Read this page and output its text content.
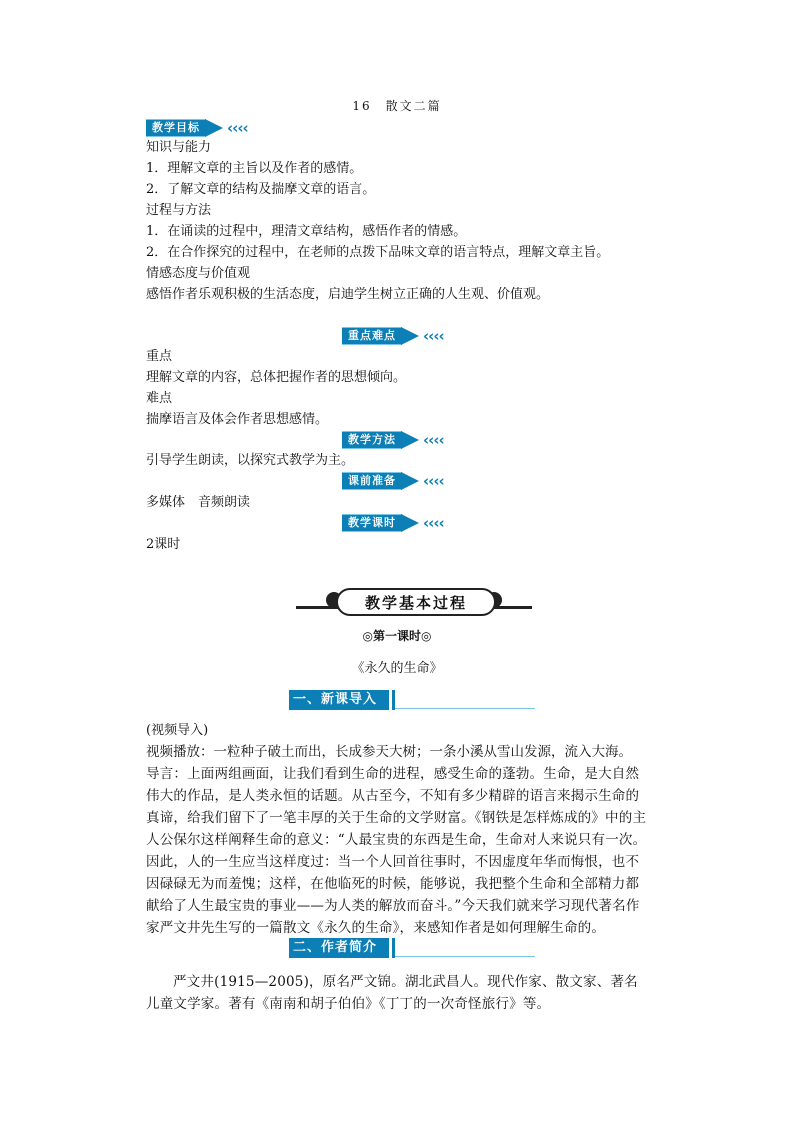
16　散文二篇
教学目标	‹‹‹‹
知识与能力
1．理解文章的主旨以及作者的感情。
2．了解文章的结构及揣摩文章的语言。
过程与方法
1．在诵读的过程中，理清文章结构，感悟作者的情感。
2．在合作探究的过程中，在老师的点拨下品味文章的语言特点，理解文章主旨。
情感态度与价值观
感悟作者乐观积极的生活态度，启迪学生树立正确的人生观、价值观。
重点难点	‹‹‹‹
重点
理解文章的内容，总体把握作者的思想倾向。
难点
揣摩语言及体会作者思想感情。
教学方法	‹‹‹‹
引导学生朗读，以探究式教学为主。
课前准备	‹‹‹‹
多媒体　音频朗读
教学课时	‹‹‹‹
2课时
教学基本过程
◎第一课时◎
《永久的生命》
一、新课导入
(视频导入)
视频播放：一粒种子破土而出，长成参天大树；一条小溪从雪山发源，流入大海。
导言：上面两组画面，让我们看到生命的进程，感受生命的蓬勃。生命，是大自然伟大的作品，是人类永恒的话题。从古至今，不知有多少精辟的语言来揭示生命的真谛，给我们留下了一笔丰厚的关于生命的文学财富。《钢铁是怎样炼成的》中的主人公保尔这样阐释生命的意义：“人最宝贵的东西是生命，生命对人来说只有一次。因此，人的一生应当这样度过：当一个人回首往事时，不因虚度年华而悔恨，也不因碌碌无为而羞愧；这样，在他临死的时候，能够说，我把整个生命和全部精力都献给了人生最宝贵的事业——为人类的解放而奋斗。”今天我们就来学习现代著名作家严文井先生写的一篇散文《永久的生命》，来感知作者是如何理解生命的。
二、作者简介
严文井(1915—2005)，原名严文锦。湖北武昌人。现代作家、散文家、著名儿童文学家。著有《南南和胡子伯伯》《丁丁的一次奇怪旅行》等。
